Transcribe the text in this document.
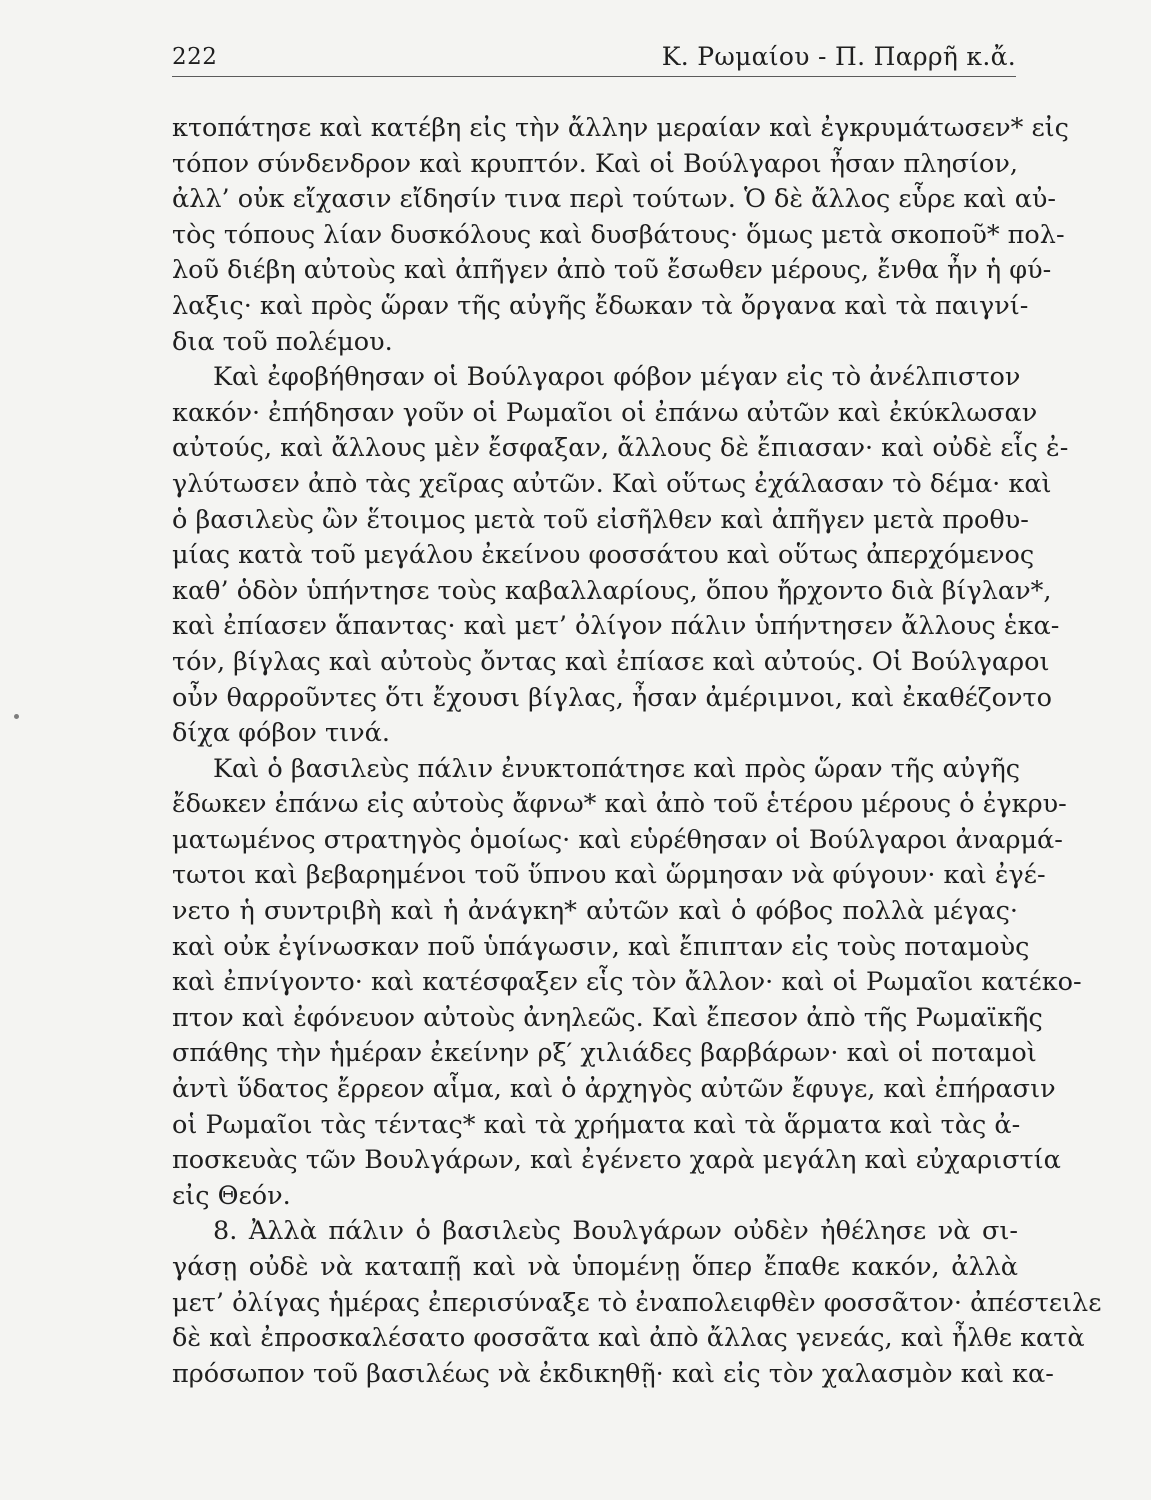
222	Κ. Ρωμαίου - Π. Παρρῆ κ.ἄ.
κτοπάτησε καὶ κατέβη εἰς τὴν ἄλλην μεραίαν καὶ ἐγκρυμάτωσεν* εἰς
τόπον σύνδενδρον καὶ κρυπτόν. Καὶ οἱ Βούλγαροι ἦσαν πλησίον,
ἀλλ’ οὐκ εἴχασιν εἴδησίν τινα περὶ τούτων. Ὁ δὲ ἄλλος εὗρε καὶ αὐ-
τὸς τόπους λίαν δυσκόλους καὶ δυσβάτους· ὅμως μετὰ σκοποῦ* πολ-
λοῦ διέβη αὐτοὺς καὶ ἀπῆγεν ἀπὸ τοῦ ἔσωθεν μέρους, ἔνθα ἦν ἡ φύ-
λαξις· καὶ πρὸς ὥραν τῆς αὐγῆς ἔδωκαν τὰ ὄργανα καὶ τὰ παιγνί-
δια τοῦ πολέμου.
Καὶ ἐφοβήθησαν οἱ Βούλγαροι φόβον μέγαν εἰς τὸ ἀνέλπιστον
κακόν· ἐπήδησαν γοῦν οἱ Ρωμαῖοι οἱ ἐπάνω αὐτῶν καὶ ἐκύκλωσαν
αὐτούς, καὶ ἄλλους μὲν ἔσφαξαν, ἄλλους δὲ ἔπιασαν· καὶ οὐδὲ εἷς ἐ-
γλύτωσεν ἀπὸ τὰς χεῖρας αὐτῶν. Καὶ οὕτως ἐχάλασαν τὸ δέμα· καὶ
ὁ βασιλεὺς ὢν ἕτοιμος μετὰ τοῦ εἰσῆλθεν καὶ ἀπῆγεν μετὰ προθυ-
μίας κατὰ τοῦ μεγάλου ἐκείνου φοσσάτου καὶ οὕτως ἀπερχόμενος
καθ’ ὁδὸν ὑπήντησε τοὺς καβαλλαρίους, ὅπου ἤρχοντο διὰ βίγλαν*,
καὶ ἐπίασεν ἅπαντας· καὶ μετ’ ὀλίγον πάλιν ὑπήντησεν ἄλλους ἑκα-
τόν, βίγλας καὶ αὐτοὺς ὄντας καὶ ἐπίασε καὶ αὐτούς. Οἱ Βούλγαροι
οὖν θαρροῦντες ὅτι ἔχουσι βίγλας, ἦσαν ἀμέριμνοι, καὶ ἐκαθέζοντο
δίχα φόβον τινά.
Καὶ ὁ βασιλεὺς πάλιν ἐνυκτοπάτησε καὶ πρὸς ὥραν τῆς αὐγῆς
ἔδωκεν ἐπάνω εἰς αὐτοὺς ἄφνω* καὶ ἀπὸ τοῦ ἑτέρου μέρους ὁ ἐγκρυ-
ματωμένος στρατηγὸς ὁμοίως· καὶ εὑρέθησαν οἱ Βούλγαροι ἀναρμά-
τωτοι καὶ βεβαρημένοι τοῦ ὕπνου καὶ ὥρμησαν νὰ φύγουν· καὶ ἐγέ-
νετο ἡ συντριβὴ καὶ ἡ ἀνάγκη* αὐτῶν καὶ ὁ φόβος πολλὰ μέγας·
καὶ οὐκ ἐγίνωσκαν ποῦ ὑπάγωσιν, καὶ ἔπιπταν εἰς τοὺς ποταμοὺς
καὶ ἐπνίγοντο· καὶ κατέσφαξεν εἷς τὸν ἄλλον· καὶ οἱ Ρωμαῖοι κατέκο-
πτον καὶ ἐφόνευον αὐτοὺς ἀνηλεῶς. Καὶ ἔπεσον ἀπὸ τῆς Ρωμαϊκῆς
σπάθης τὴν ἡμέραν ἐκείνην ρξ′ χιλιάδες βαρβάρων· καὶ οἱ ποταμοὶ
ἀντὶ ὕδατος ἔρρεον αἷμα, καὶ ὁ ἀρχηγὸς αὐτῶν ἔφυγε, καὶ ἐπήρασιν
οἱ Ρωμαῖοι τὰς τέντας* καὶ τὰ χρήματα καὶ τὰ ἅρματα καὶ τὰς ἀ-
ποσκευὰς τῶν Βουλγάρων, καὶ ἐγένετο χαρὰ μεγάλη καὶ εὐχαριστία
εἰς Θεόν.
8. Ἀλλὰ πάλιν ὁ βασιλεὺς Βουλγάρων οὐδὲν ἠθέλησε νὰ σι-
γάσῃ οὐδὲ νὰ καταπῇ καὶ νὰ ὑπομένῃ ὅπερ ἔπαθε κακόν, ἀλλὰ
μετ’ ὀλίγας ἡμέρας ἐπερισύναξε τὸ ἐναπολειφθὲν φοσσᾶτον· ἀπέστειλε
δὲ καὶ ἐπροσκαλέσατο φοσσᾶτα καὶ ἀπὸ ἄλλας γενεάς, καὶ ἦλθε κατὰ
πρόσωπον τοῦ βασιλέως νὰ ἐκδικηθῇ· καὶ εἰς τὸν χαλασμὸν καὶ κα-
